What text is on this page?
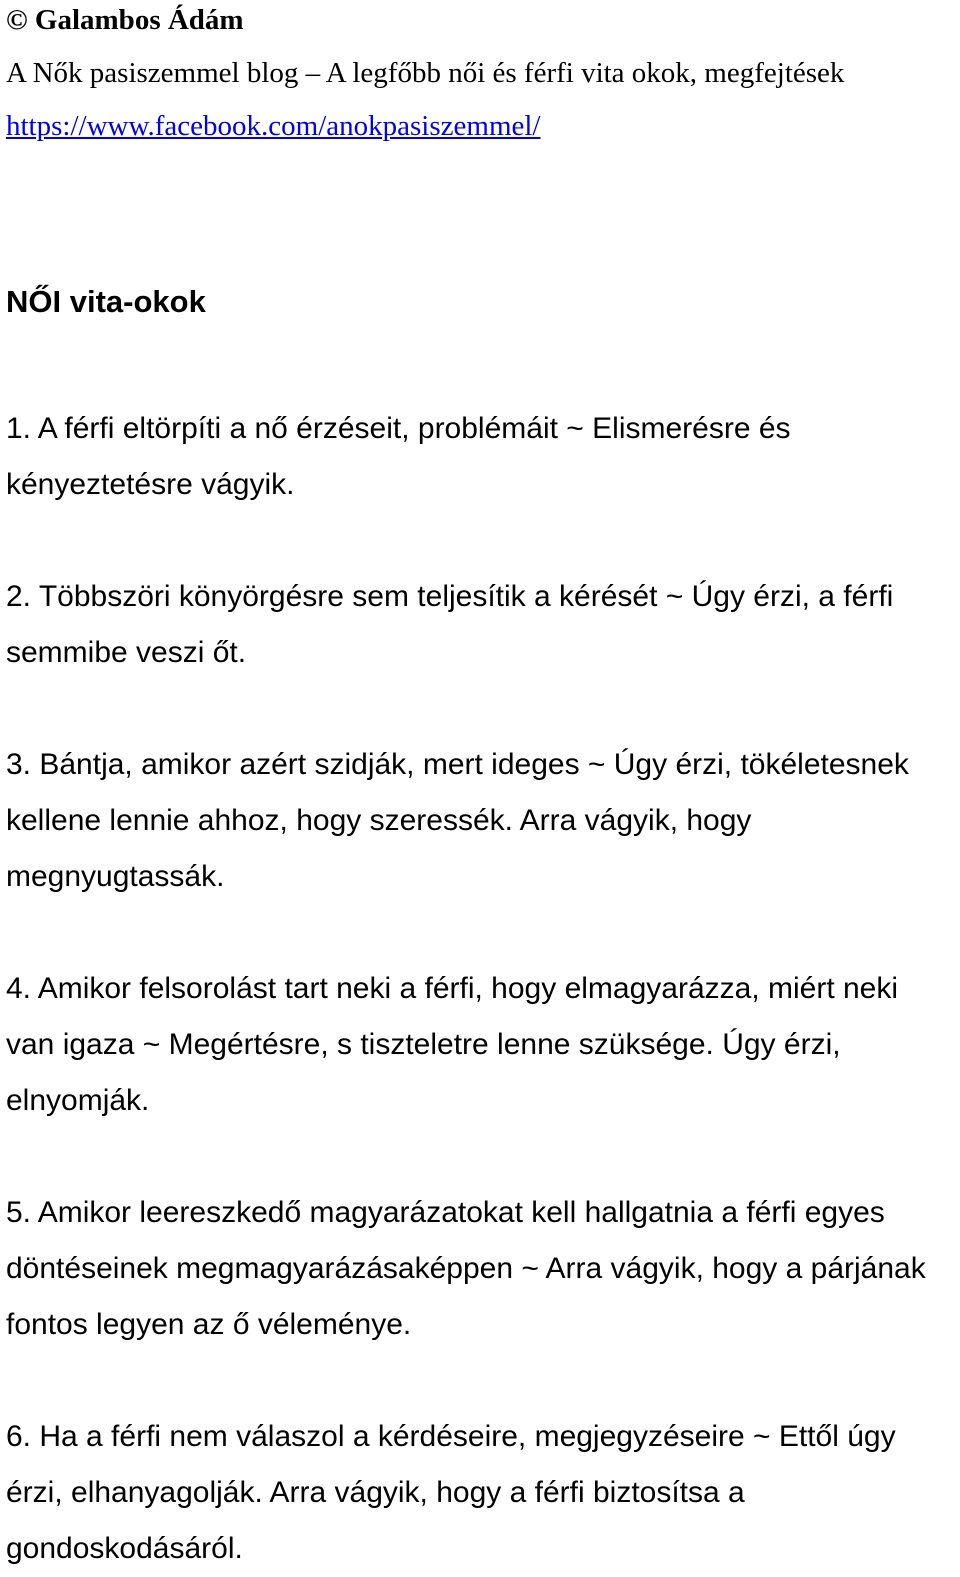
© Galambos Ádám
A Nők pasiszemmel blog – A legfőbb női és férfi vita okok, megfejtések
https://www.facebook.com/anokpasiszemmel/
NŐI vita-okok
1. A férfi eltörpíti a nő érzéseit, problémáit ~ Elismerésre és
kényeztetésre vágyik.
2. Többszöri könyörgésre sem teljesítik a kérését ~ Úgy érzi, a férfi
semmibe veszi őt.
3. Bántja, amikor azért szidják, mert ideges ~ Úgy érzi, tökéletesnek
kellene lennie ahhoz, hogy szeressék. Arra vágyik, hogy
megnyugtassák.
4. Amikor felsorolást tart neki a férfi, hogy elmagyarázza, miért neki
van igaza ~ Megértésre, s tiszteletre lenne szüksége. Úgy érzi,
elnyomják.
5. Amikor leereszkedő magyarázatokat kell hallgatnia a férfi egyes
döntéseinek megmagyarázásaképpen ~ Arra vágyik, hogy a párjának
fontos legyen az ő véleménye.
6. Ha a férfi nem válaszol a kérdéseire, megjegyzéseire ~ Ettől úgy
érzi, elhanyagolják. Arra vágyik, hogy a férfi biztosítsa a
gondoskodásáról.
